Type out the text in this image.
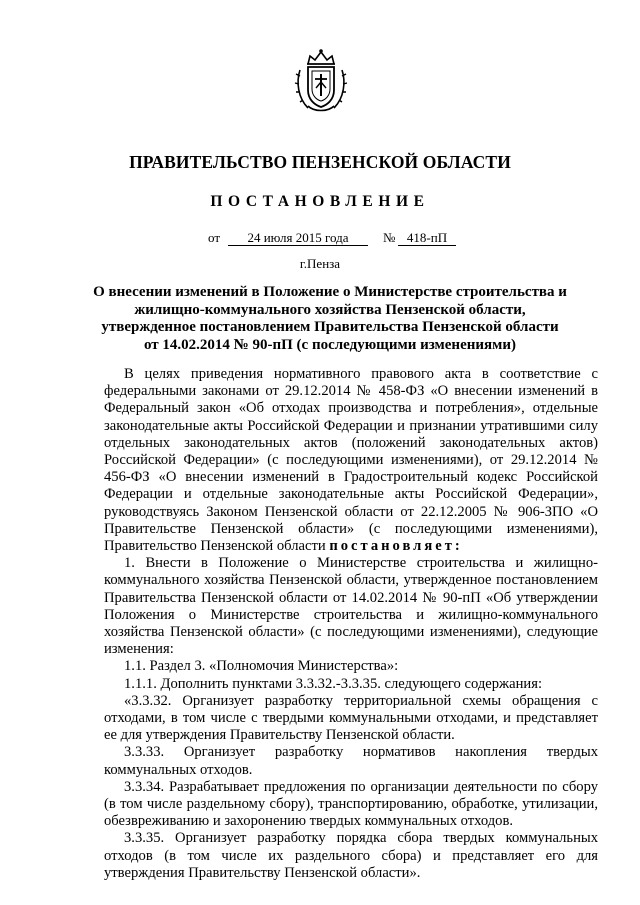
ПРАВИТЕЛЬСТВО ПЕНЗЕНСКОЙ ОБЛАСТИ
ПОСТАНОВЛЕНИЕ
от	24 июля 2015 года	№ 418-пП
г.Пенза
О внесении изменений в Положение о Министерстве строительства и
жилищно-коммунального хозяйства Пензенской области,
утвержденное постановлением Правительства Пензенской области
от 14.02.2014 № 90-пП (с последующими изменениями)

В целях приведения нормативного правового акта в соответствие с федеральными законами от 29.12.2014 № 458-ФЗ «О внесении изменений в Федеральный закон «Об отходах производства и потребления», отдельные законодательные акты Российской Федерации и признании утратившими силу отдельных законодательных актов (положений законодательных актов) Российской Федерации» (с последующими изменениями), от 29.12.2014 № 456-ФЗ «О внесении изменений в Градостроительный кодекс Российской Федерации и отдельные законодательные акты Российской Федерации», руководствуясь Законом Пензенской области от 22.12.2005 № 906-ЗПО «О Правительстве Пензенской области» (с последующими изменениями), Правительство Пензенской области постановляет:

1. Внести в Положение о Министерстве строительства и жилищно-коммунального хозяйства Пензенской области, утвержденное постановлением Правительства Пензенской области от 14.02.2014 № 90-пП «Об утверждении Положения о Министерстве строительства и жилищно-коммунального хозяйства Пензенской области» (с последующими изменениями), следующие изменения:

1.1. Раздел 3. «Полномочия Министерства»:

1.1.1. Дополнить пунктами 3.3.32.-3.3.35. следующего содержания:

«3.3.32. Организует разработку территориальной схемы обращения с отходами, в том числе с твердыми коммунальными отходами, и представляет ее для утверждения Правительству Пензенской области.

3.3.33. Организует разработку нормативов накопления твердых коммунальных отходов.

3.3.34. Разрабатывает предложения по организации деятельности по сбору (в том числе раздельному сбору), транспортированию, обработке, утилизации, обезвреживанию и захоронению твердых коммунальных отходов.

3.3.35. Организует разработку порядка сбора твердых коммунальных отходов (в том числе их раздельного сбора) и представляет его для утверждения Правительству Пензенской области».
